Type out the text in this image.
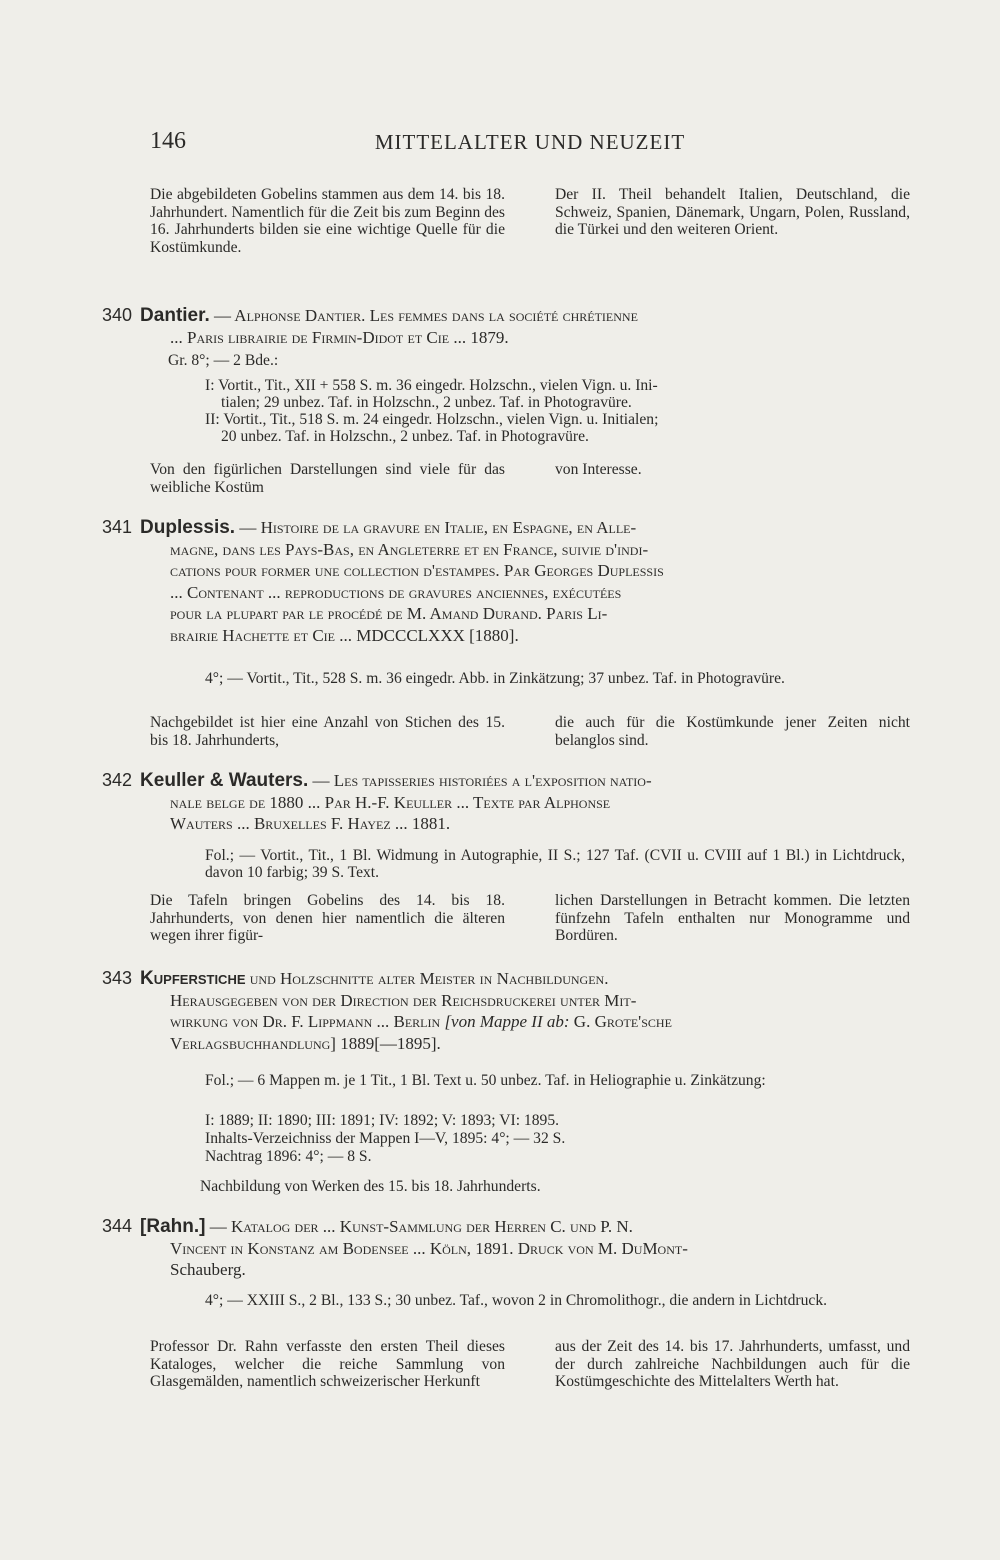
146	MITTELALTER UND NEUZEIT
Die abgebildeten Gobelins stammen aus dem 14. bis 18. Jahrhundert. Namentlich für die Zeit bis zum Beginn des 16. Jahrhunderts bilden sie eine wichtige Quelle für die Kostümkunde.
Der II. Theil behandelt Italien, Deutschland, die Schweiz, Spanien, Dänemark, Ungarn, Polen, Russland, die Türkei und den weiteren Orient.
340 Dantier. — Alphonse Dantier. Les femmes dans la société chrétienne
... Paris librairie de Firmin-Didot et Cie ... 1879.
Gr. 8°; — 2 Bde.:
I: Vortit., Tit., XII + 558 S. m. 36 eingedr. Holzschn., vielen Vign. u. Ini-
tialen; 29 unbez. Taf. in Holzschn., 2 unbez. Taf. in Photogravüre.
II: Vortit., Tit., 518 S. m. 24 eingedr. Holzschn., vielen Vign. u. Initialen;
20 unbez. Taf. in Holzschn., 2 unbez. Taf. in Photogravüre.
Von den figürlichen Darstellungen sind viele für das weibliche Kostüm
von Interesse.
341 Duplessis. — Histoire de la gravure en Italie, en Espagne, en Alle-
magne, dans les Pays-Bas, en Angleterre et en France, suivie d'indi-
cations pour former une collection d'estampes. Par Georges Duplessis
... Contenant ... reproductions de gravures anciennes, exécutées
pour la plupart par le procédé de M. Amand Durand. Paris Li-
brairie Hachette et Cie ... MDCCCLXXX [1880].
4°; — Vortit., Tit., 528 S. m. 36 eingedr. Abb. in Zinkätzung; 37 unbez. Taf. in Photogravüre.
Nachgebildet ist hier eine Anzahl von Stichen des 15. bis 18. Jahrhunderts,
die auch für die Kostümkunde jener Zeiten nicht belanglos sind.
342 Keuller & Wauters. — Les tapisseries historiées a l'exposition natio-
nale belge de 1880 ... Par H.-F. Keuller ... Texte par Alphonse
Wauters ... Bruxelles F. Hayez ... 1881.
Fol.; — Vortit., Tit., 1 Bl. Widmung in Autographie, II S.; 127 Taf. (CVII u. CVIII auf 1 Bl.) in Lichtdruck, davon 10 farbig; 39 S. Text.
Die Tafeln bringen Gobelins des 14. bis 18. Jahrhunderts, von denen hier namentlich die älteren wegen ihrer figür-
lichen Darstellungen in Betracht kommen. Die letzten fünfzehn Tafeln enthalten nur Monogramme und Bordüren.
343 Kupferstiche und Holzschnitte alter Meister in Nachbildungen.
Herausgegeben von der Direction der Reichsdruckerei unter Mit-
wirkung von Dr. F. Lippmann ... Berlin [von Mappe II ab: G. Grote'sche
Verlagsbuchhandlung] 1889[—1895].
Fol.; — 6 Mappen m. je 1 Tit., 1 Bl. Text u. 50 unbez. Taf. in Heliographie u. Zinkätzung:
I: 1889; II: 1890; III: 1891; IV: 1892; V: 1893; VI: 1895.
Inhalts-Verzeichniss der Mappen I—V, 1895: 4°; — 32 S.
Nachtrag 1896: 4°; — 8 S.
Nachbildung von Werken des 15. bis 18. Jahrhunderts.
344 [Rahn.] — Katalog der ... Kunst-Sammlung der Herren C. und P. N.
Vincent in Konstanz am Bodensee ... Köln, 1891. Druck von M. DuMont-
Schauberg.
4°; — XXIII S., 2 Bl., 133 S.; 30 unbez. Taf., wovon 2 in Chromolithogr., die andern in Lichtdruck.
Professor Dr. Rahn verfasste den ersten Theil dieses Kataloges, welcher die reiche Sammlung von Glasgemälden, namentlich schweizerischer Herkunft
aus der Zeit des 14. bis 17. Jahrhunderts, umfasst, und der durch zahlreiche Nachbildungen auch für die Kostümgeschichte des Mittelalters Werth hat.
